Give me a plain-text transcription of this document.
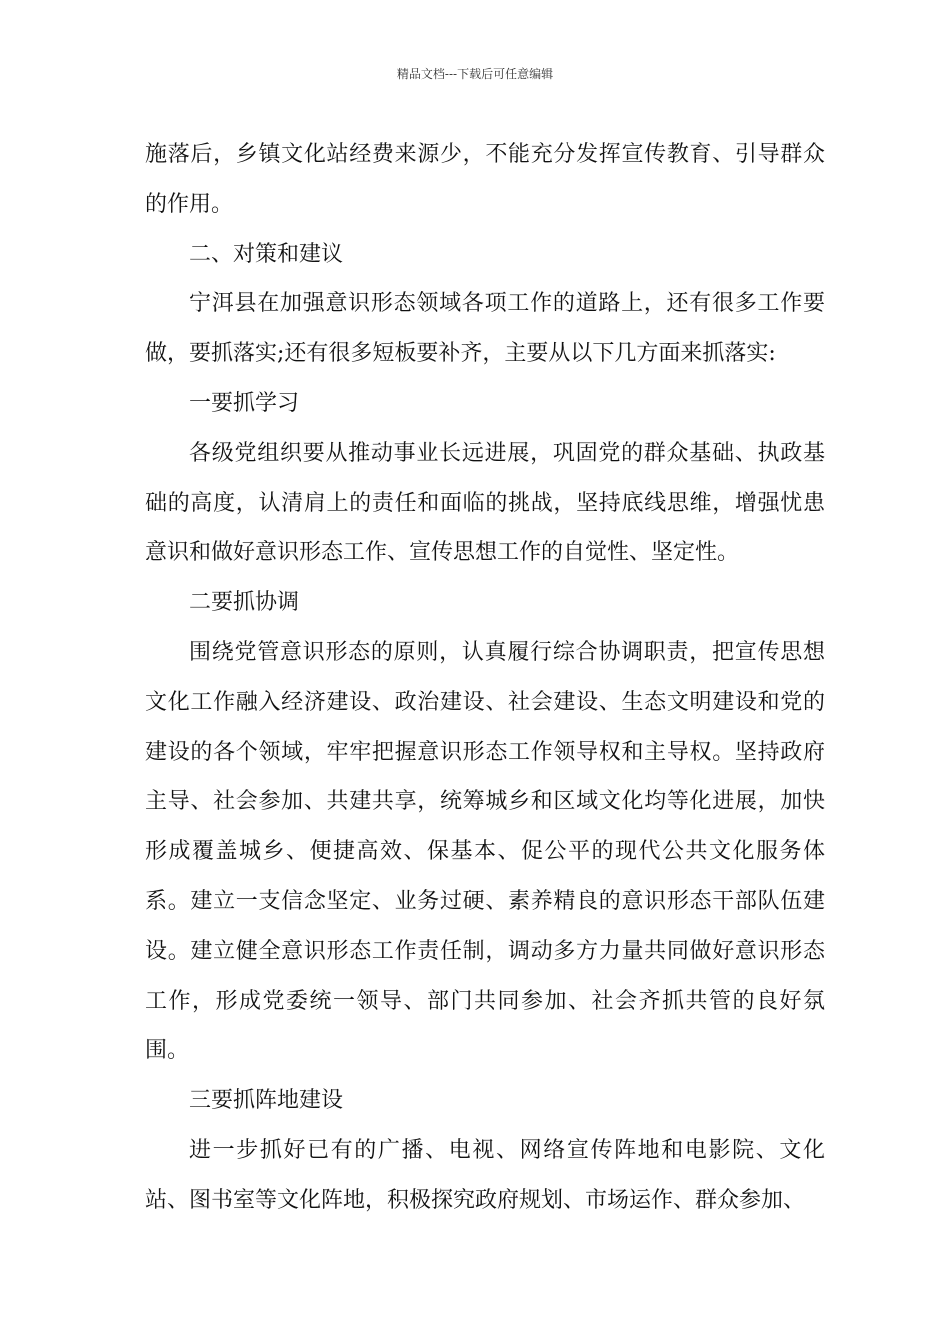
精品文档---下载后可任意编辑

施落后，乡镇文化站经费来源少，不能充分发挥宣传教育、引导群众的作用。

二、对策和建议

宁洱县在加强意识形态领域各项工作的道路上，还有很多工作要做，要抓落实;还有很多短板要补齐，主要从以下几方面来抓落实:

一要抓学习

各级党组织要从推动事业长远进展，巩固党的群众基础、执政基础的高度，认清肩上的责任和面临的挑战，坚持底线思维，增强忧患意识和做好意识形态工作、宣传思想工作的自觉性、坚定性。

二要抓协调

围绕党管意识形态的原则，认真履行综合协调职责，把宣传思想文化工作融入经济建设、政治建设、社会建设、生态文明建设和党的建设的各个领域，牢牢把握意识形态工作领导权和主导权。坚持政府主导、社会参加、共建共享，统筹城乡和区域文化均等化进展，加快形成覆盖城乡、便捷高效、保基本、促公平的现代公共文化服务体系。建立一支信念坚定、业务过硬、素养精良的意识形态干部队伍建设。建立健全意识形态工作责任制，调动多方力量共同做好意识形态工作，形成党委统一领导、部门共同参加、社会齐抓共管的良好氛围。

三要抓阵地建设

进一步抓好已有的广播、电视、网络宣传阵地和电影院、文化站、图书室等文化阵地，积极探究政府规划、市场运作、群众参加、
